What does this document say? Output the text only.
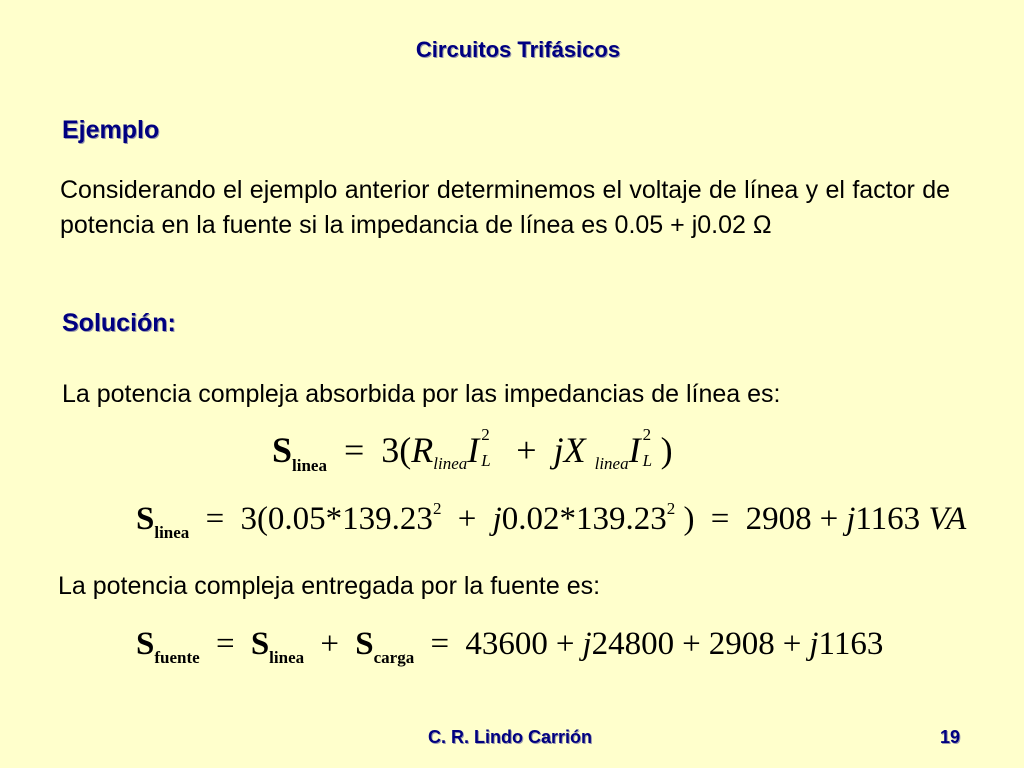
Circuitos Trifásicos
Ejemplo
Considerando el ejemplo anterior determinemos el voltaje de línea y el factor de potencia en la fuente si la impedancia de línea es 0.05 + j0.02 Ω
Solución:
La potencia compleja absorbida por las impedancias de línea es:
$S_{linea} = 3(R_{linea}I$ 2
L + jX $_{linea}$I 2
L )
$S_{linea} = 3(0.05*139.23^2 + j0.02*139.23^2$ ) = 2908 + j1163 VA
La potencia compleja entregada por la fuente es:
$S_{fuente} = S_{linea} + S_{carga} = 43600 + j24800 + 2908 + j1163$
C. R. Lindo Carrión	19
